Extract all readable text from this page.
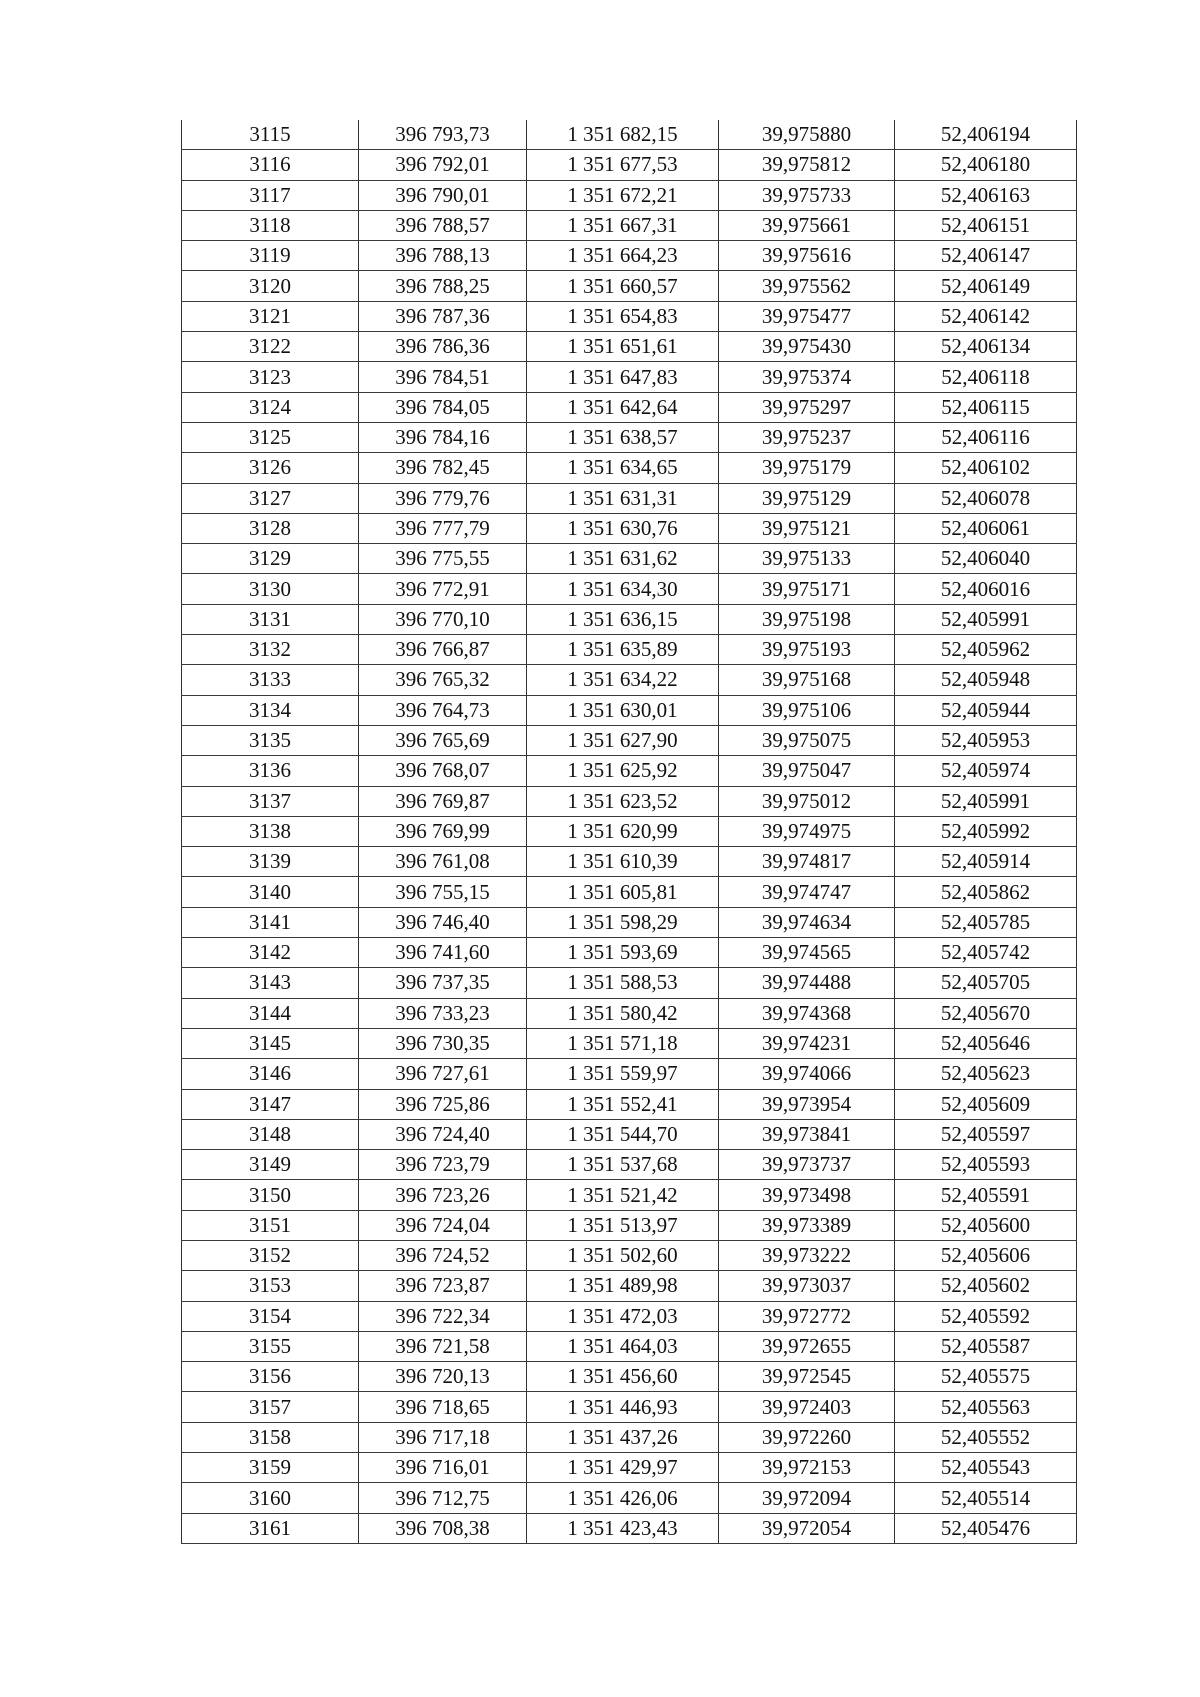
3115	396 793,73	1 351 682,15	39,975880	52,406194
3116	396 792,01	1 351 677,53	39,975812	52,406180
3117	396 790,01	1 351 672,21	39,975733	52,406163
3118	396 788,57	1 351 667,31	39,975661	52,406151
3119	396 788,13	1 351 664,23	39,975616	52,406147
3120	396 788,25	1 351 660,57	39,975562	52,406149
3121	396 787,36	1 351 654,83	39,975477	52,406142
3122	396 786,36	1 351 651,61	39,975430	52,406134
3123	396 784,51	1 351 647,83	39,975374	52,406118
3124	396 784,05	1 351 642,64	39,975297	52,406115
3125	396 784,16	1 351 638,57	39,975237	52,406116
3126	396 782,45	1 351 634,65	39,975179	52,406102
3127	396 779,76	1 351 631,31	39,975129	52,406078
3128	396 777,79	1 351 630,76	39,975121	52,406061
3129	396 775,55	1 351 631,62	39,975133	52,406040
3130	396 772,91	1 351 634,30	39,975171	52,406016
3131	396 770,10	1 351 636,15	39,975198	52,405991
3132	396 766,87	1 351 635,89	39,975193	52,405962
3133	396 765,32	1 351 634,22	39,975168	52,405948
3134	396 764,73	1 351 630,01	39,975106	52,405944
3135	396 765,69	1 351 627,90	39,975075	52,405953
3136	396 768,07	1 351 625,92	39,975047	52,405974
3137	396 769,87	1 351 623,52	39,975012	52,405991
3138	396 769,99	1 351 620,99	39,974975	52,405992
3139	396 761,08	1 351 610,39	39,974817	52,405914
3140	396 755,15	1 351 605,81	39,974747	52,405862
3141	396 746,40	1 351 598,29	39,974634	52,405785
3142	396 741,60	1 351 593,69	39,974565	52,405742
3143	396 737,35	1 351 588,53	39,974488	52,405705
3144	396 733,23	1 351 580,42	39,974368	52,405670
3145	396 730,35	1 351 571,18	39,974231	52,405646
3146	396 727,61	1 351 559,97	39,974066	52,405623
3147	396 725,86	1 351 552,41	39,973954	52,405609
3148	396 724,40	1 351 544,70	39,973841	52,405597
3149	396 723,79	1 351 537,68	39,973737	52,405593
3150	396 723,26	1 351 521,42	39,973498	52,405591
3151	396 724,04	1 351 513,97	39,973389	52,405600
3152	396 724,52	1 351 502,60	39,973222	52,405606
3153	396 723,87	1 351 489,98	39,973037	52,405602
3154	396 722,34	1 351 472,03	39,972772	52,405592
3155	396 721,58	1 351 464,03	39,972655	52,405587
3156	396 720,13	1 351 456,60	39,972545	52,405575
3157	396 718,65	1 351 446,93	39,972403	52,405563
3158	396 717,18	1 351 437,26	39,972260	52,405552
3159	396 716,01	1 351 429,97	39,972153	52,405543
3160	396 712,75	1 351 426,06	39,972094	52,405514
3161	396 708,38	1 351 423,43	39,972054	52,405476
